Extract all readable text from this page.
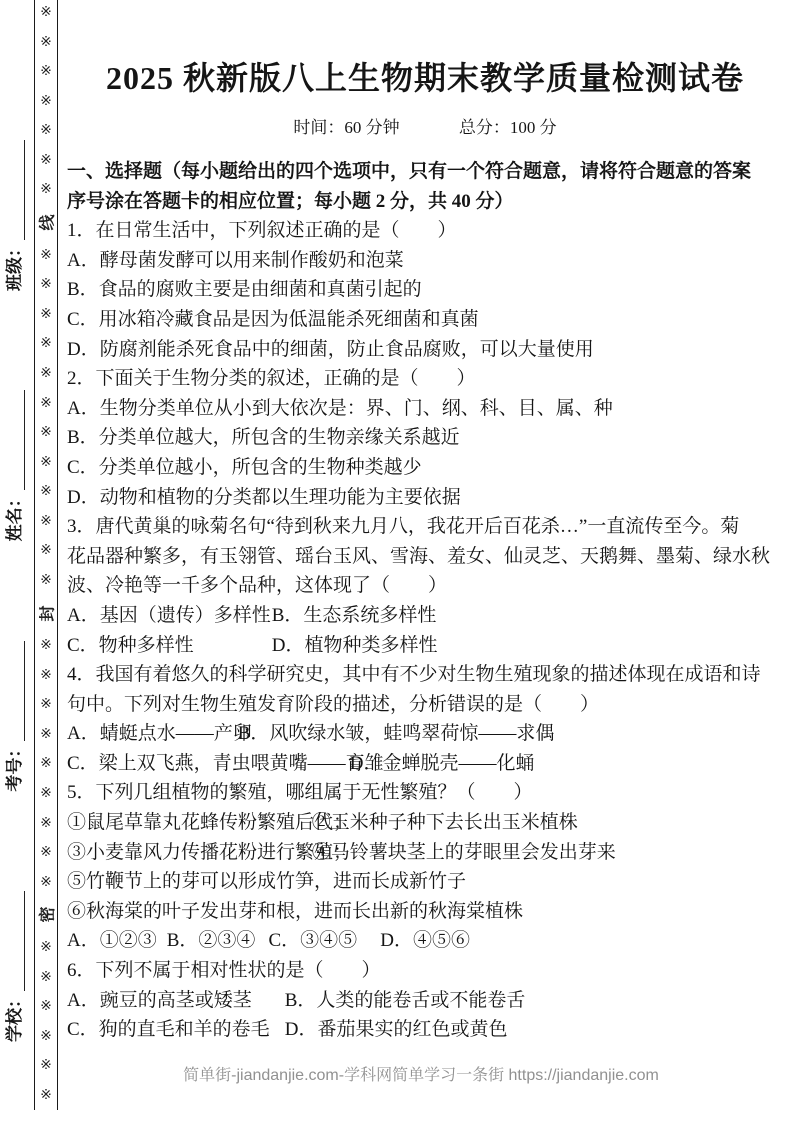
学校：
考号：
姓名：
班级：
※
※
※
※
※
※
※
线
※
※
※
※
※
※
※
※
※
※
※
※
封
※
※
※
※
※
※
※
※
※
密
※
※
※
※
※
※
2025 秋新版八上生物期末教学质量检测试卷
时间：60 分钟	总分：100 分
一、选择题（每小题给出的四个选项中，只有一个符合题意，请将符合题意的答案
序号涂在答题卡的相应位置；每小题 2 分，共 40 分）
1．在日常生活中，下列叙述正确的是（　　）
A．酵母菌发酵可以用来制作酸奶和泡菜
B．食品的腐败主要是由细菌和真菌引起的
C．用冰箱冷藏食品是因为低温能杀死细菌和真菌
D．防腐剂能杀死食品中的细菌，防止食品腐败，可以大量使用
2．下面关于生物分类的叙述，正确的是（　　）
A．生物分类单位从小到大依次是：界、门、纲、科、目、属、种
B．分类单位越大，所包含的生物亲缘关系越近
C．分类单位越小，所包含的生物种类越少
D．动物和植物的分类都以生理功能为主要依据
3．唐代黄巢的咏菊名句“待到秋来九月八，我花开后百花杀…”一直流传至今。菊
花品器种繁多，有玉翎管、瑶台玉风、雪海、羞女、仙灵芝、天鹅舞、墨菊、绿水秋
波、冷艳等一千多个品种，这体现了（　　）
A．基因（遗传）多样性 B．生态系统多样性
C．物种多样性	D．植物种类多样性
4．我国有着悠久的科学研究史，其中有不少对生物生殖现象的描述体现在成语和诗
句中。下列对生物生殖发育阶段的描述，分析错误的是（　　）
A．蜻蜓点水——产卵 B．风吹绿水皱，蛙鸣翠荷惊——求偶
C．梁上双飞燕，青虫喂黄嘴——育雏 D．金蝉脱壳——化蛹
5．下列几组植物的繁殖，哪组属于无性繁殖？（　　）
①鼠尾草靠丸花蜂传粉繁殖后代； ②玉米种子种下去长出玉米植株
③小麦靠风力传播花粉进行繁殖； ④马铃薯块茎上的芽眼里会发出芽来
⑤竹鞭节上的芽可以形成竹笋，进而长成新竹子
⑥秋海棠的叶子发出芽和根，进而长出新的秋海棠植株
A．①②③ B．②③④ C．③④⑤ D．④⑤⑥
6．下列不属于相对性状的是（　　）
A．豌豆的高茎或矮茎 B．人类的能卷舌或不能卷舌
C．狗的直毛和羊的卷毛 D．番茄果实的红色或黄色
简单街-jiandanjie.com-学科网简单学习一条街 https://jiandanjie.com
